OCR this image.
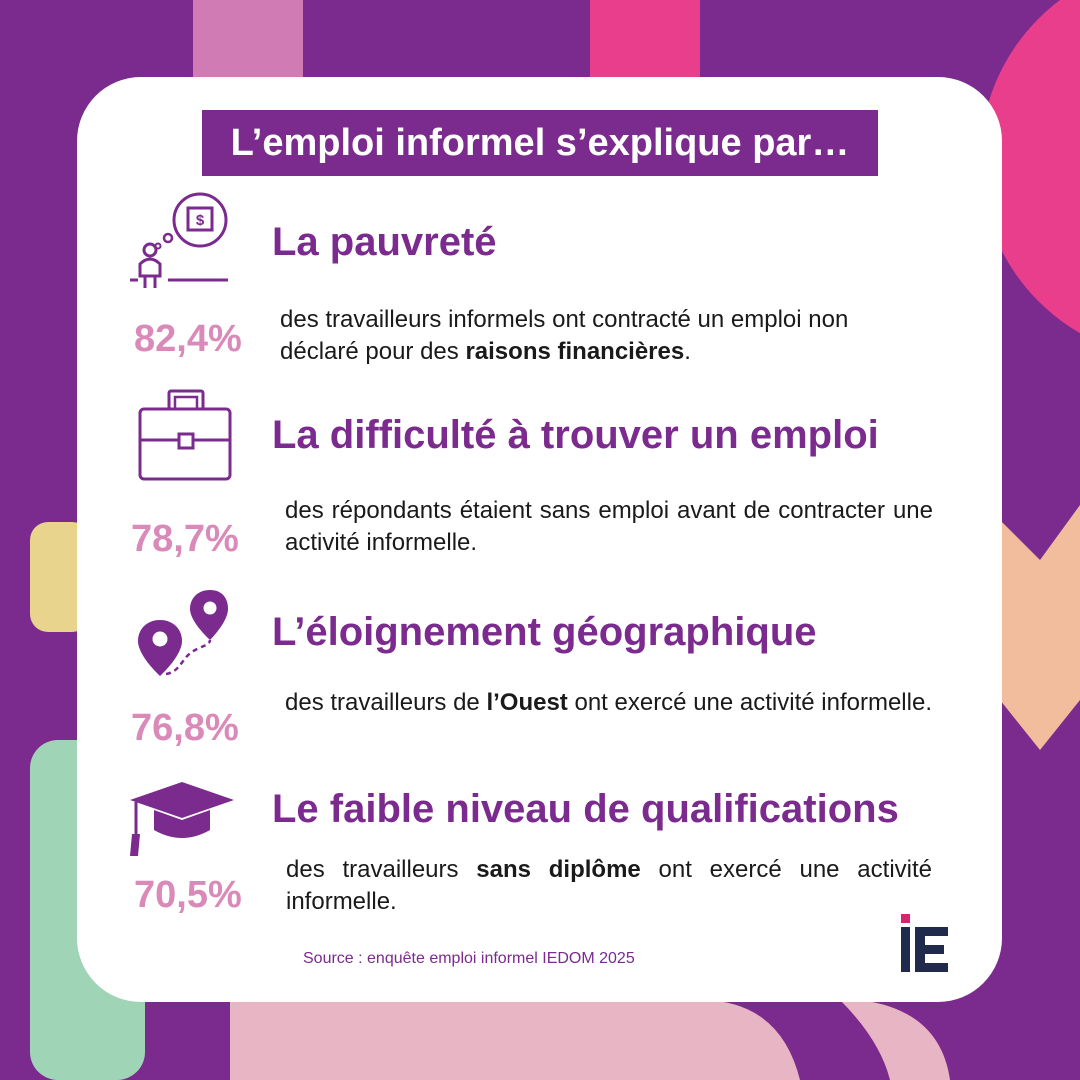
L’emploi informel s’explique par…
$ La pauvreté
82,4% des travailleurs informels ont contracté un emploi non déclaré pour des raisons financières.
La difficulté à trouver un emploi
78,7%
des répondants étaient sans emploi avant de contracter une activité informelle.
L’éloignement géographique
76,8%
des travailleurs de l’Ouest ont exercé une activité informelle.
Le faible niveau de qualifications
70,5%
des travailleurs sans diplôme ont exercé une activité informelle.
Source : enquête emploi informel IEDOM 2025
